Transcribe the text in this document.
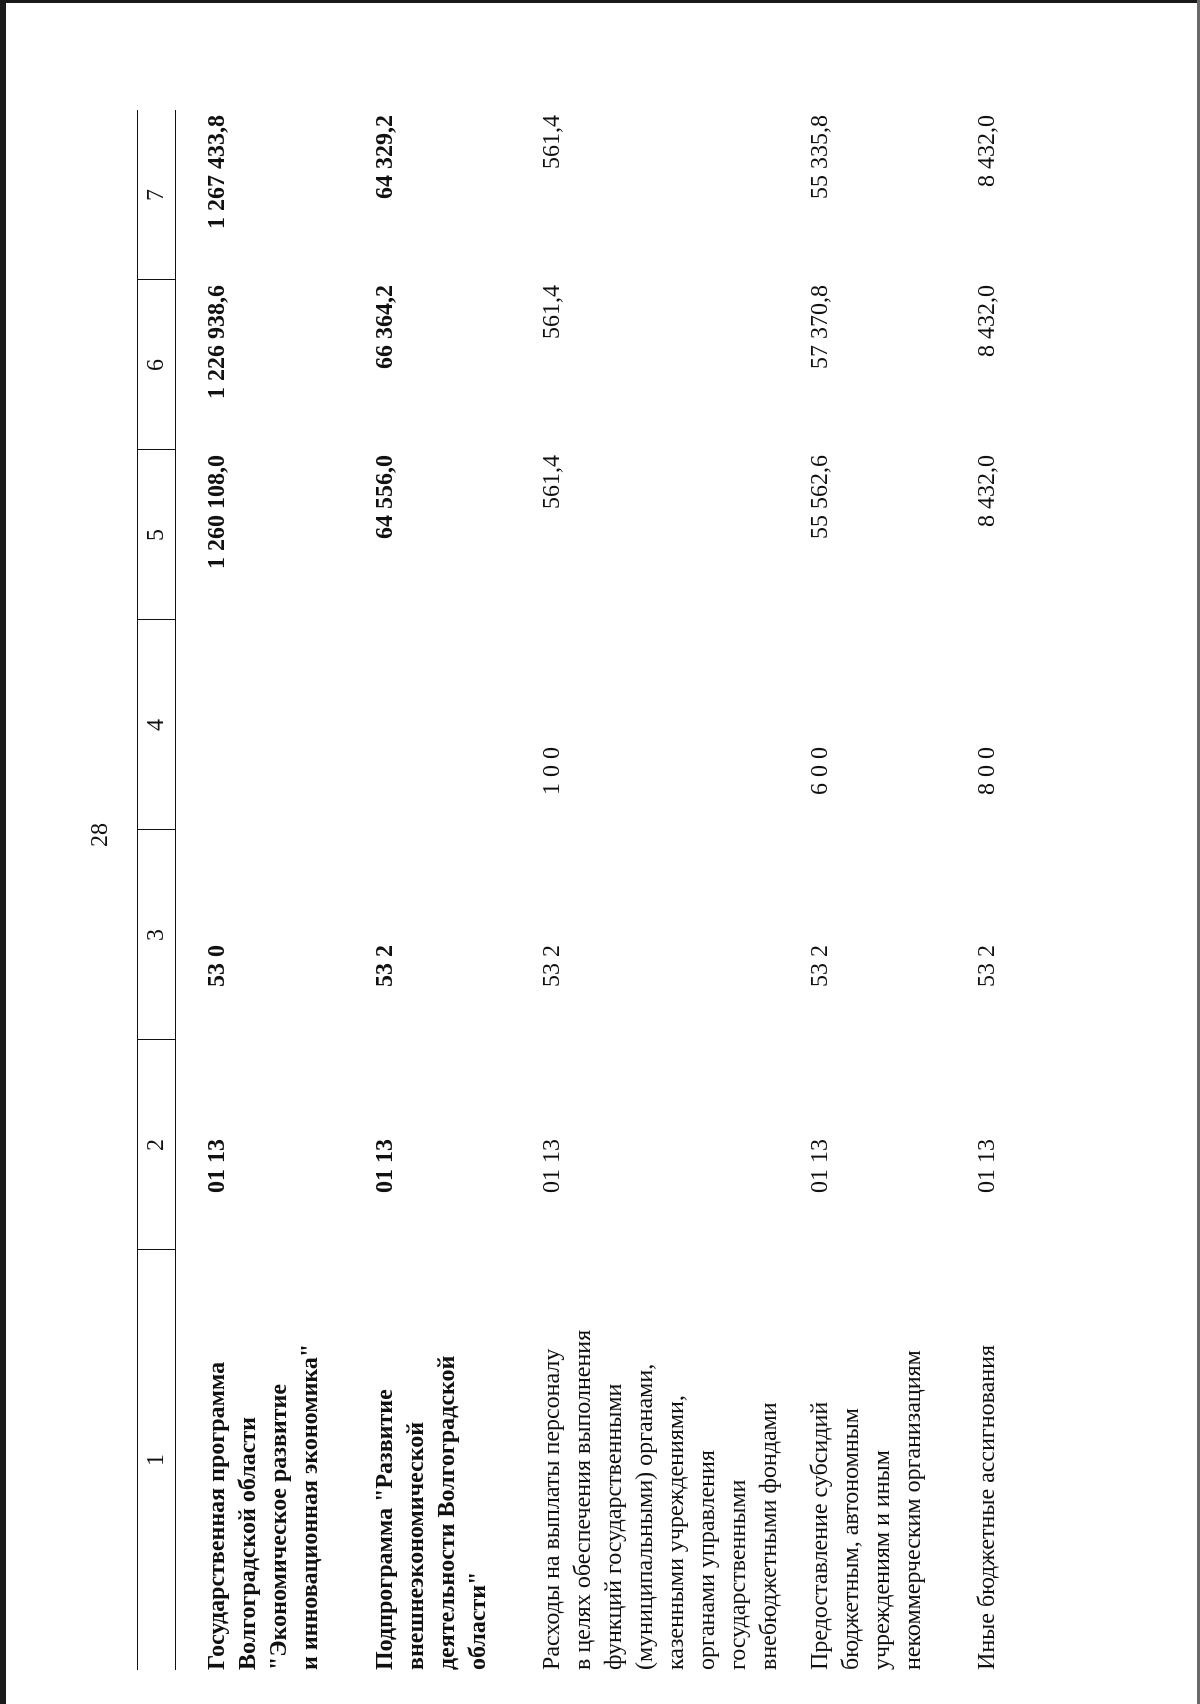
28
1
2
3
4
5
6
7
Государственная программа Волгоградской области "Экономическое развитие и инновационная экономика"
01 13
53 0
1 260 108,0
1 226 938,6
1 267 433,8
Подпрограмма "Развитие внешнеэкономической деятельности Волгоградской области"
01 13
53 2
64 556,0
66 364,2
64 329,2
Расходы на выплаты персоналу в целях обеспечения выполнения функций государственными (муниципальными) органами, казенными учреждениями, органами управления государственными внебюджетными фондами
01 13
53 2
1 0 0
561,4
561,4
561,4
Предоставление субсидий бюджетным, автономным учреждениям и иным некоммерческим организациям
01 13
53 2
6 0 0
55 562,6
57 370,8
55 335,8
Иные бюджетные ассигнования
01 13
53 2
8 0 0
8 432,0
8 432,0
8 432,0
